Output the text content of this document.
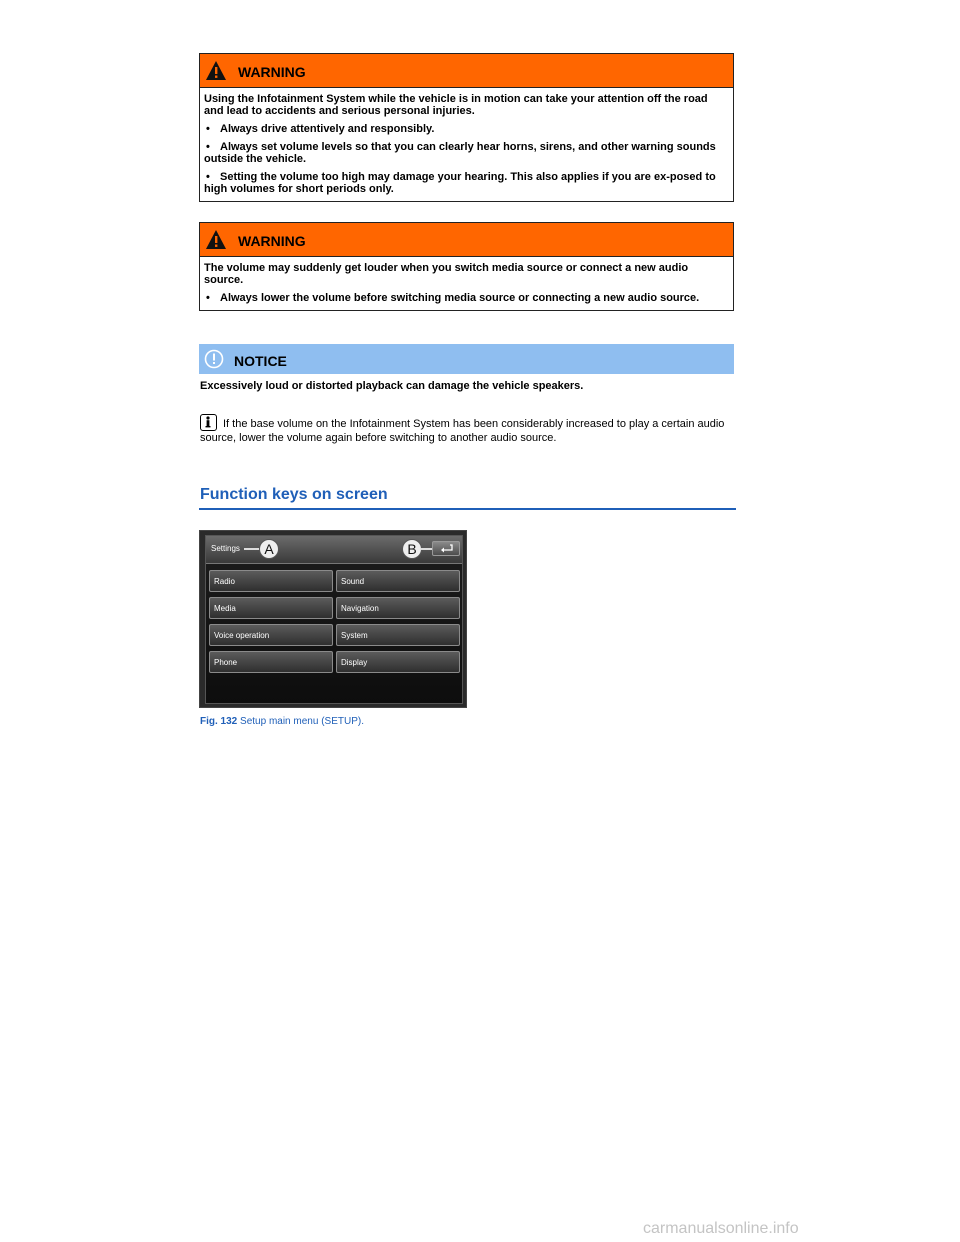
WARNING

Using the Infotainment System while the vehicle is in motion can take your attention off the road and lead to accidents and serious personal injuries.

• Always drive attentively and responsibly.

• Always set volume levels so that you can clearly hear horns, sirens, and other warning sounds outside the vehicle.

• Setting the volume too high may damage your hearing. This also applies if you are ex-posed to high volumes for short periods only.

WARNING

The volume may suddenly get louder when you switch media source or connect a new audio source.

• Always lower the volume before switching media source or connecting a new audio source.

NOTICE
Excessively loud or distorted playback can damage the vehicle speakers.
If the base volume on the Infotainment System has been considerably increased to play a certain audio source, lower the volume again before switching to another audio source.
Function keys on screen
Settings	A	B
Radio	Sound
Media	Navigation
Voice operation	System
Phone	Display
Fig. 132 Setup main menu (SETUP).
carmanualsonline.info
